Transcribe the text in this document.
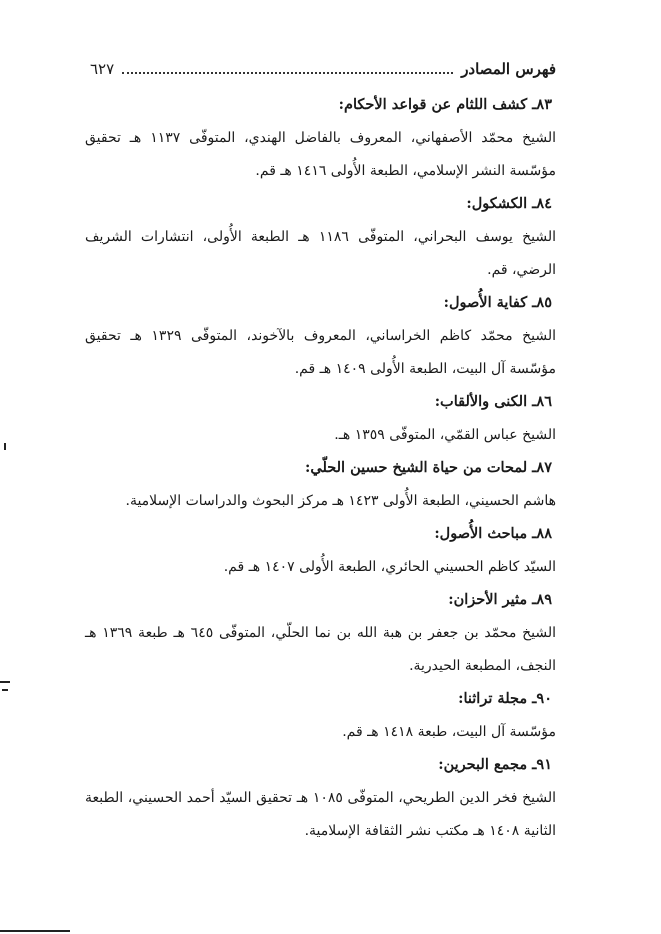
فهرس المصادر
٦٢٧
٨٣ـ كشف اللثام عن قواعد الأحكام:
الشيخ محمّد الأصفهاني، المعروف بالفاضل الهندي، المتوفّى ١١٣٧ هـ تحقيق مؤسّسة النشر الإسلامي، الطبعة الأُولى ١٤١٦ هـ قم.
٨٤ـ الكشكول:
الشيخ يوسف البحراني، المتوفّى ١١٨٦ هـ الطبعة الأُولى، انتشارات الشريف الرضي، قم.
٨٥ـ كفاية الأُصول:
الشيخ محمّد كاظم الخراساني، المعروف بالآخوند، المتوفّى ١٣٢٩ هـ تحقيق مؤسّسة آل البيت، الطبعة الأُولى ١٤٠٩ هـ قم.
٨٦ـ الكنى والألقاب:
الشيخ عباس القمّي، المتوفّى ١٣٥٩ هـ.
٨٧ـ لمحات من حياة الشيخ حسين الحلّي:
هاشم الحسيني، الطبعة الأُولى ١٤٢٣ هـ مركز البحوث والدراسات الإسلامية.
٨٨ـ مباحث الأُصول:
السيّد كاظم الحسيني الحائري، الطبعة الأُولى ١٤٠٧ هـ قم.
٨٩ـ مثير الأحزان:
الشيخ محمّد بن جعفر بن هبة الله بن نما الحلّي، المتوفّى ٦٤٥ هـ طبعة ١٣٦٩ هـ النجف، المطبعة الحيدرية.
٩٠ـ مجلة تراثنا:
مؤسّسة آل البيت، طبعة ١٤١٨ هـ قم.
٩١ـ مجمع البحرين:
الشيخ فخر الدين الطريحي، المتوفّى ١٠٨٥ هـ تحقيق السيّد أحمد الحسيني، الطبعة الثانية ١٤٠٨ هـ مكتب نشر الثقافة الإسلامية.
